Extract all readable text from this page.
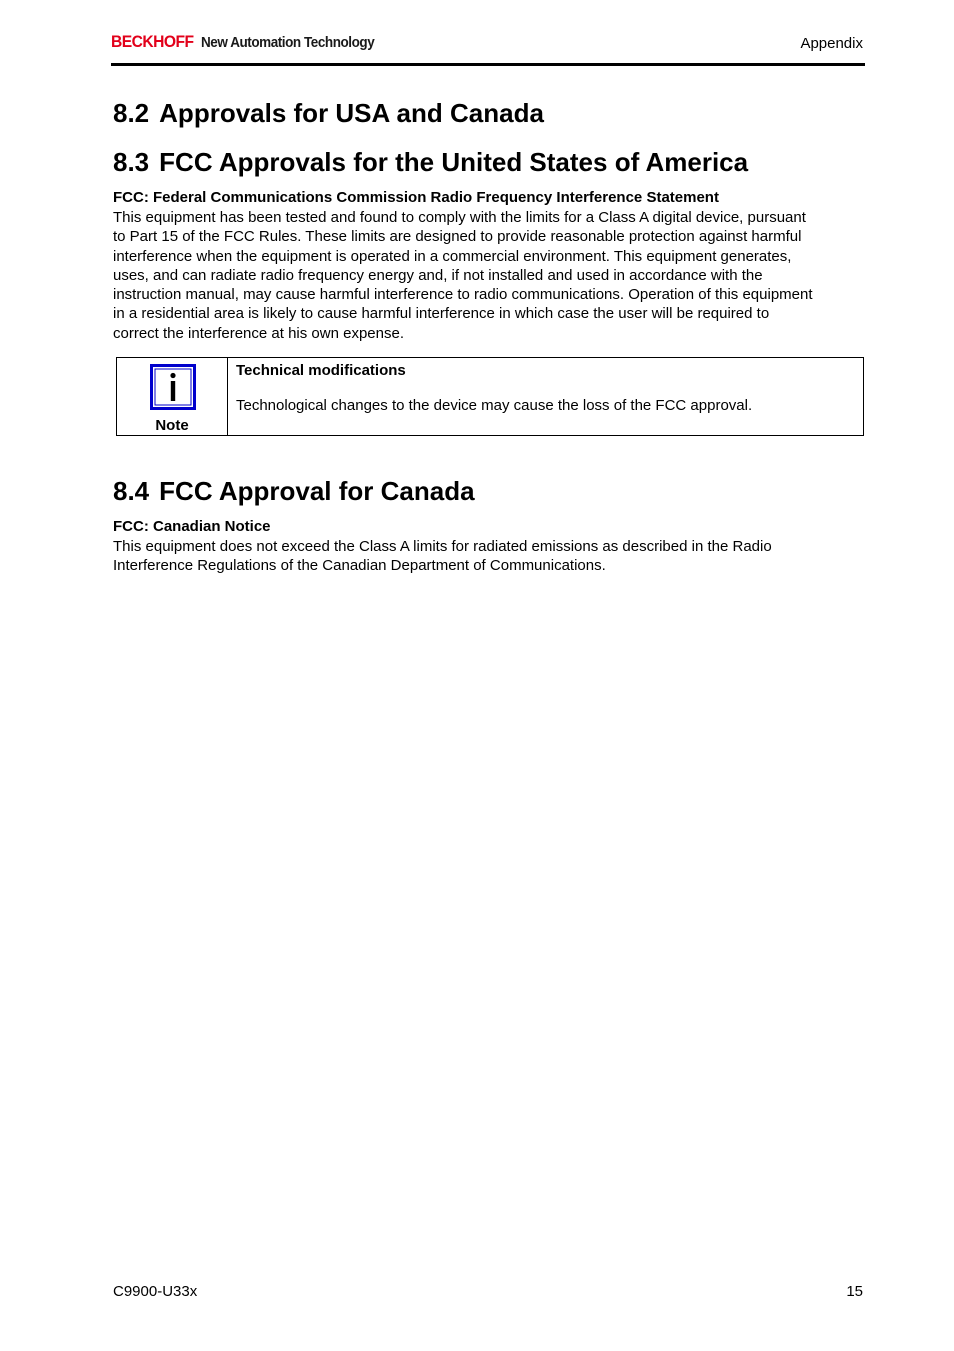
BECKHOFF New Automation Technology	Appendix
8.2 Approvals for USA and Canada
8.3 FCC Approvals for the United States of America
FCC: Federal Communications Commission Radio Frequency Interference Statement
This equipment has been tested and found to comply with the limits for a Class A digital device, pursuant
to Part 15 of the FCC Rules. These limits are designed to provide reasonable protection against harmful
interference when the equipment is operated in a commercial environment. This equipment generates,
uses, and can radiate radio frequency energy and, if not installed and used in accordance with the
instruction manual, may cause harmful interference to radio communications. Operation of this equipment
in a residential area is likely to cause harmful interference in which case the user will be required to
correct the interference at his own expense.
Note
Technical modifications
Technological changes to the device may cause the loss of the FCC approval.
8.4 FCC Approval for Canada
FCC: Canadian Notice
This equipment does not exceed the Class A limits for radiated emissions as described in the Radio
Interference Regulations of the Canadian Department of Communications.
C9900-U33x	15
